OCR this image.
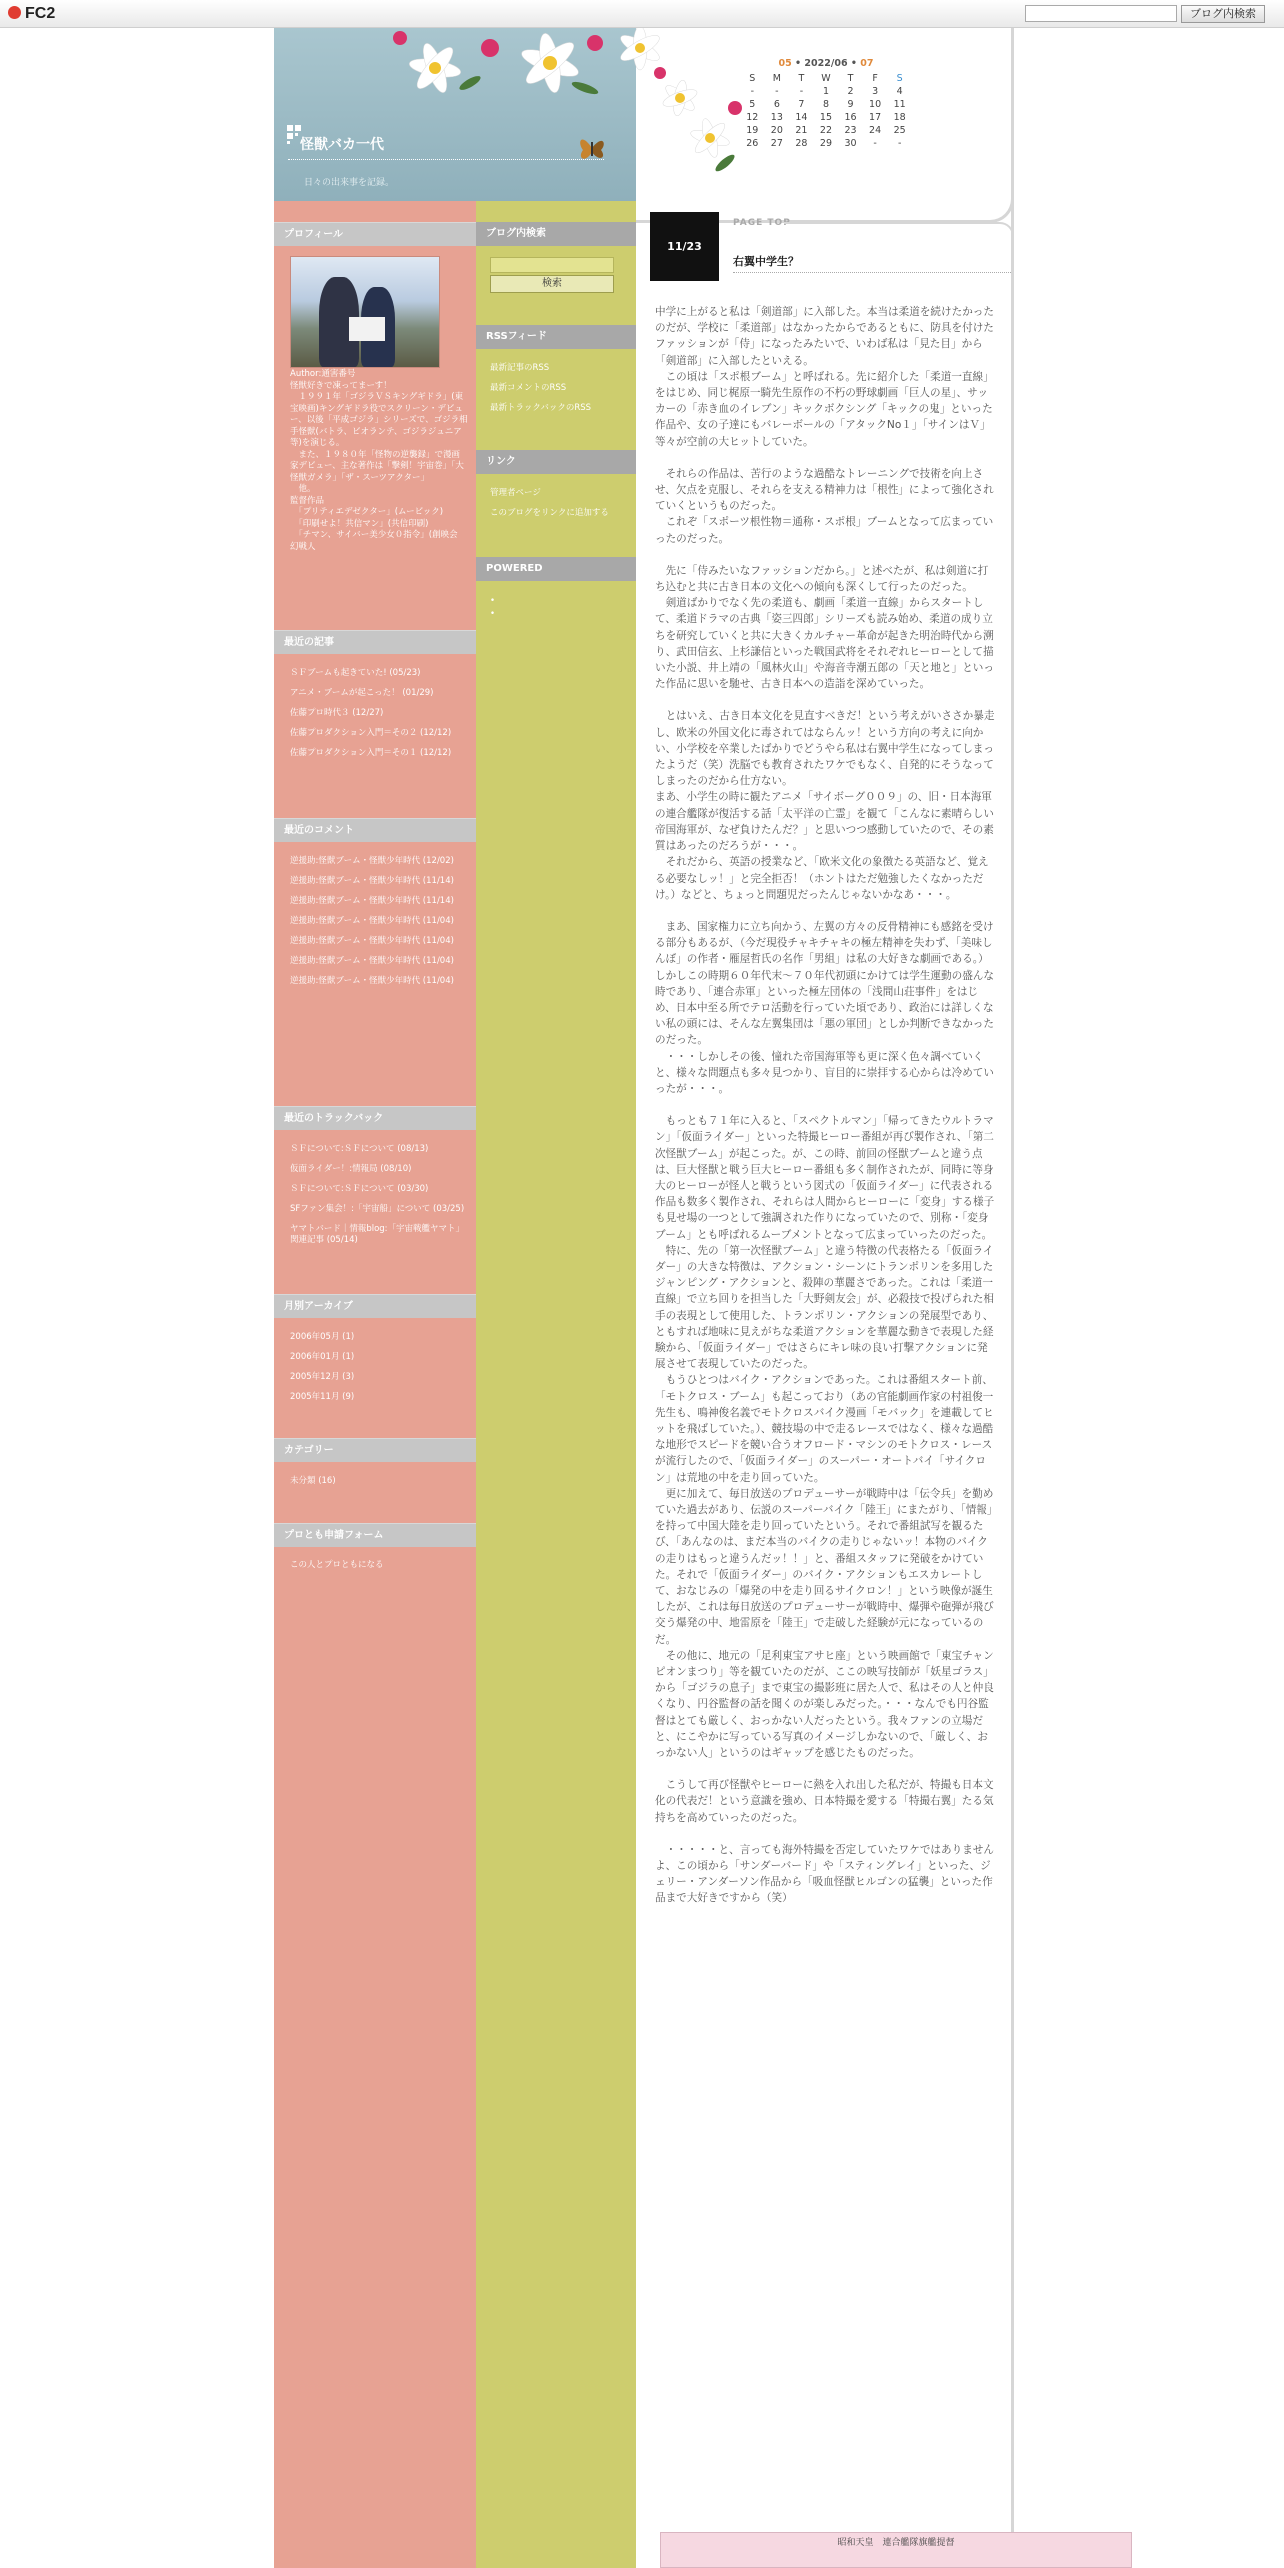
FC2	ブログ内検索
怪獣バカ一代
日々の出来事を記録。
05 • 2022/06 • 07
S	M	T	W	T	F	S
-	-	-	1	2	3	4
5	6	7	8	9	10	11
12	13	14	15	16	17	18
19	20	21	22	23	24	25
26	27	28	29	30	-	-
プロフィール
Author:通害番号
怪獣好きで凍ってまーす！
　１９９１年「ゴジラＶＳキングギドラ」(東宝映画)キングギドラ役でスクリーン・デビュー、以後「平成ゴジラ」シリーズで、ゴジラ相手怪獣(バトラ、ビオランテ、ゴジラジュニア等)を演じる。
　また、１９８０年「怪物の逆襲録」で漫画家デビュー、主な著作は「撃剣！宇宙巻」「大怪獣ガメラ」「ザ・スーツアクター」
　他。
監督作品
　「プリティエデゼクター」(ムービック)
　「印刷せよ！共信マン」(共信印刷)
　「チマン、サイバー美少女０指令」(創映会　幻戦人
最近の記事
ＳＦブームも起きていた! (05/23)
アニメ・ブームが起こった！ (01/29)
佐藤プロ時代３ (12/27)
佐藤プロダクション入門＝その２ (12/12)
佐藤プロダクション入門＝その１ (12/12)
最近のコメント
逆援助:怪獣ブーム・怪獣少年時代 (12/02)
逆援助:怪獣ブーム・怪獣少年時代 (11/14)
逆援助:怪獣ブーム・怪獣少年時代 (11/14)
逆援助:怪獣ブーム・怪獣少年時代 (11/04)
逆援助:怪獣ブーム・怪獣少年時代 (11/04)
逆援助:怪獣ブーム・怪獣少年時代 (11/04)
逆援助:怪獣ブーム・怪獣少年時代 (11/04)
最近のトラックバック
ＳＦについて:ＳＦについて (08/13)
仮面ライダー！:情報局 (08/10)
ＳＦについて:ＳＦについて (03/30)
SFファン集会！:「宇宙船」について (03/25)
ヤマトバード｜情報blog:「宇宙戦艦ヤマト」関連記事 (05/14)
月別アーカイブ
2006年05月 (1)
2006年01月 (1)
2005年12月 (3)
2005年11月 (9)
カテゴリー
未分類 (16)
プロとも申請フォーム
この人とプロともになる
ブログ内検索
検索
RSSフィード
最新記事のRSS
最新コメントのRSS
最新トラックバックのRSS
リンク
管理者ページ
このブログをリンクに追加する
POWERED
•
•
11/23
PAGE TOP
右翼中学生？

中学に上がると私は「剣道部」に入部した。本当は柔道を続けたかったのだが、学校に「柔道部」はなかったからであるともに、防具を付けたファッションが「侍」になったみたいで、いわば私は「見た目」から「剣道部」に入部したといえる。
　この頃は「スポ根ブーム」と呼ばれる。先に紹介した「柔道一直線」をはじめ、同じ梶原一騎先生原作の不朽の野球劇画「巨人の星」、サッカーの「赤き血のイレブン」キックボクシング「キックの鬼」といった作品や、女の子達にもバレーボールの「アタックNo１」「サインはＶ」等々が空前の大ヒットしていた。

　それらの作品は、苦行のような過酷なトレーニングで技術を向上させ、欠点を克服し、それらを支える精神力は「根性」によって強化されていくというものだった。
　これぞ「スポーツ根性物＝通称・スポ根」ブームとなって広まっていったのだった。

　先に「侍みたいなファッションだから。」と述べたが、私は剣道に打ち込むと共に古き日本の文化への傾向も深くして行ったのだった。
　剣道ばかりでなく先の柔道も、劇画「柔道一直線」からスタートして、柔道ドラマの古典「姿三四郎」シリーズも読み始め、柔道の成り立ちを研究していくと共に大きくカルチャー革命が起きた明治時代から溯り、武田信玄、上杉謙信といった戦国武将をそれぞれヒーローとして描いた小説、井上靖の「風林火山」や海音寺潮五郎の「天と地と」といった作品に思いを馳せ、古き日本への造詣を深めていった。

　とはいえ、古き日本文化を見直すべきだ！という考えがいささか暴走し、欧米の外国文化に毒されてはならんッ！という方向の考えに向かい、小学校を卒業したばかりでどうやら私は右翼中学生になってしまったようだ（笑）洗脳でも教育されたワケでもなく、自発的にそうなってしまったのだから仕方ない。
まあ、小学生の時に観たアニメ「サイボーグ００９」の、旧・日本海軍の連合艦隊が復活する話「太平洋の亡霊」を観て「こんなに素晴らしい帝国海軍が、なぜ負けたんだ？」と思いつつ感動していたので、その素質はあったのだろうが・・・。
　それだから、英語の授業など、「欧米文化の象徴たる英語など、覚える必要なしッ！」と完全拒否！（ホントはただ勉強したくなかっただけ。）などと、ちょっと問題児だったんじゃないかなあ・・・。

　まあ、国家権力に立ち向かう、左翼の方々の反骨精神にも感銘を受ける部分もあるが、（今だ現役チャキチャキの極左精神を失わず、「美味しんぼ」の作者・雁屋哲氏の名作「男組」は私の大好きな劇画である。）しかしこの時期６０年代末～７０年代初頭にかけては学生運動の盛んな時であり、「連合赤軍」といった極左団体の「浅間山荘事件」をはじめ、日本中至る所でテロ活動を行っていた頃であり、政治には詳しくない私の頭には、そんな左翼集団は「悪の軍団」としか判断できなかったのだった。
　・・・しかしその後、憧れた帝国海軍等も更に深く色々調べていくと、様々な問題点も多々見つかり、盲目的に崇拝する心からは冷めていったが・・・。

　もっとも７１年に入ると、「スペクトルマン」「帰ってきたウルトラマン」「仮面ライダー」といった特撮ヒーロー番組が再び製作され、「第二次怪獣ブーム」が起こった。が、この時、前回の怪獣ブームと違う点は、巨大怪獣と戦う巨大ヒーロー番組も多く制作されたが、同時に等身大のヒーローが怪人と戦うという図式の「仮面ライダー」に代表される作品も数多く製作され、それらは人間からヒーローに「変身」する様子も見せ場の一つとして強調された作りになっていたので、別称・「変身ブーム」とも呼ばれるムーブメントとなって広まっていったのだった。
　特に、先の「第一次怪獣ブーム」と違う特徴の代表格たる「仮面ライダー」の大きな特徴は、アクション・シーンにトランポリンを多用したジャンピング・アクションと、殺陣の華麗さであった。これは「柔道一直線」で立ち回りを担当した「大野剣友会」が、必殺技で投げられた相手の表現として使用した、トランポリン・アクションの発展型であり、ともすれば地味に見えがちな柔道アクションを華麗な動きで表現した経験から、「仮面ライダー」ではさらにキレ味の良い打撃アクションに発展させて表現していたのだった。
　もうひとつはバイク・アクションであった。これは番組スタート前、「モトクロス・ブーム」も起こっており（あの官能劇画作家の村祖俊一先生も、鳴神俊名義でモトクロスバイク漫画「モバック」を連載してヒットを飛ばしていた。）、競技場の中で走るレースではなく、様々な過酷な地形でスピードを競い合うオフロード・マシンのモトクロス・レースが流行したので、「仮面ライダー」のスーパー・オートバイ「サイクロン」は荒地の中を走り回っていた。
　更に加えて、毎日放送のプロデューサーが戦時中は「伝令兵」を勤めていた過去があり、伝説のスーパーバイク「陸王」にまたがり、「情報」を持って中国大陸を走り回っていたという。それで番組試写を観るたび、「あんなのは、まだ本当のバイクの走りじゃないッ！本物のバイクの走りはもっと違うんだッ！！」と、番組スタッフに発破をかけていた。それで「仮面ライダー」のバイク・アクションもエスカレートして、おなじみの「爆発の中を走り回るサイクロン！」という映像が誕生したが、これは毎日放送のプロデューサーが戦時中、爆弾や砲弾が飛び交う爆発の中、地雷原を「陸王」で走破した経験が元になっているのだ。
　その他に、地元の「足利東宝アサヒ座」という映画館で「東宝チャンピオンまつり」等を観ていたのだが、ここの映写技師が「妖星ゴラス」から「ゴジラの息子」まで東宝の撮影班に居た人で、私はその人と仲良くなり、円谷監督の話を聞くのが楽しみだった。・・・なんでも円谷監督はとても厳しく、おっかない人だったという。我々ファンの立場だと、にこやかに写っている写真のイメージしかないので、「厳しく、おっかない人」というのはギャップを感じたものだった。

　こうして再び怪獣やヒーローに熱を入れ出した私だが、特撮も日本文化の代表だ！という意識を強め、日本特撮を愛する「特撮右翼」たる気持ちを高めていったのだった。

　・・・・・と、言っても海外特撮を否定していたワケではありませんよ、この頃から「サンダーバード」や「スティングレイ」といった、ジェリー・アンダーソン作品から「吸血怪獣ヒルゴンの猛襲」といった作品まで大好きですから（笑）

昭和天皇　連合艦隊旗艦提督
